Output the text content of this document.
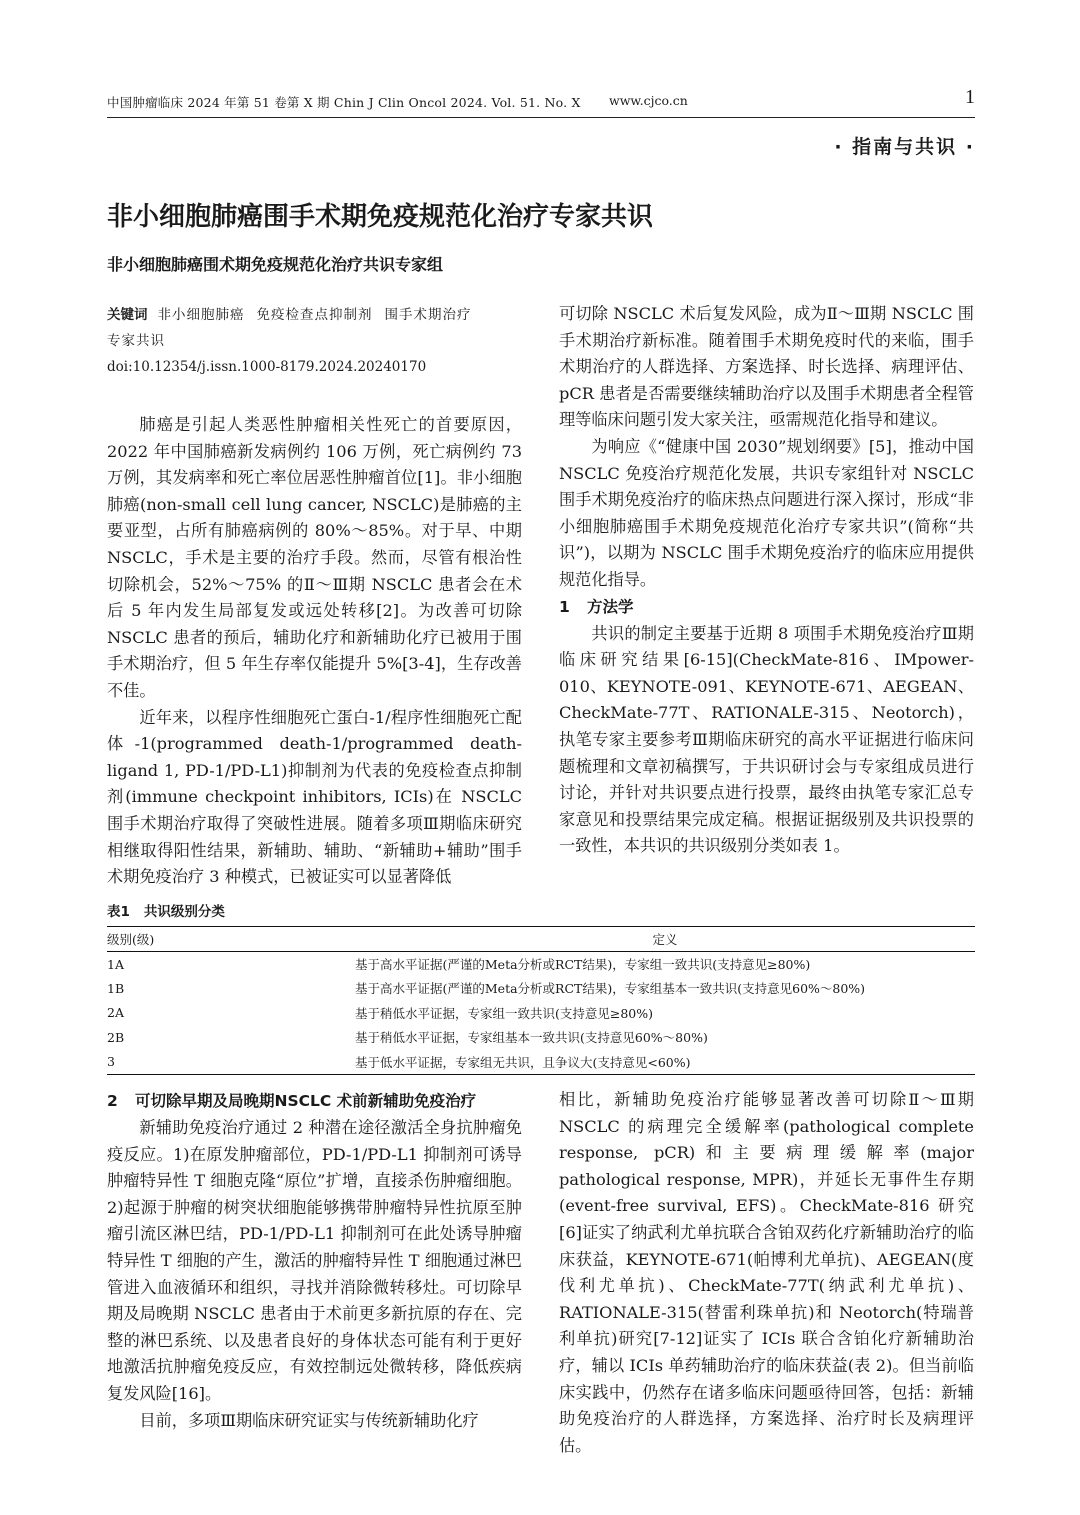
中国肿瘤临床 2024 年第 51 卷第 X 期 Chin J Clin Oncol 2024. Vol. 51. No. X www.cjco.cn	1
· 指南与共识 ·
非小细胞肺癌围手术期免疫规范化治疗专家共识
非小细胞肺癌围术期免疫规范化治疗共识专家组
关键词 非小细胞肺癌 免疫检查点抑制剂 围手术期治疗
专家共识
doi:10.12354/j.issn.1000-8179.2024.20240170

肺癌是引起人类恶性肿瘤相关性死亡的首要原因，2022 年中国肺癌新发病例约 106 万例，死亡病例约 73 万例，其发病率和死亡率位居恶性肿瘤首位[1]。非小细胞肺癌(non-small cell lung cancer, NSCLC)是肺癌的主要亚型，占所有肺癌病例的 80%～85%。对于早、中期 NSCLC，手术是主要的治疗手段。然而，尽管有根治性切除机会，52%～75% 的Ⅱ～Ⅲ期 NSCLC 患者会在术后 5 年内发生局部复发或远处转移[2]。为改善可切除 NSCLC 患者的预后，辅助化疗和新辅助化疗已被用于围手术期治疗，但 5 年生存率仅能提升 5%[3-4]，生存改善不佳。

近年来，以程序性细胞死亡蛋白-1/程序性细胞死亡配体-1(programmed death-1/programmed death-ligand 1, PD-1/PD-L1)抑制剂为代表的免疫检查点抑制剂(immune checkpoint inhibitors, ICIs)在 NSCLC 围手术期治疗取得了突破性进展。随着多项Ⅲ期临床研究相继取得阳性结果，新辅助、辅助、“新辅助+辅助”围手术期免疫治疗 3 种模式，已被证实可以显著降低

可切除 NSCLC 术后复发风险，成为Ⅱ～Ⅲ期 NSCLC 围手术期治疗新标准。随着围手术期免疫时代的来临，围手术期治疗的人群选择、方案选择、时长选择、病理评估、pCR 患者是否需要继续辅助治疗以及围手术期患者全程管理等临床问题引发大家关注，亟需规范化指导和建议。

为响应《“健康中国 2030”规划纲要》[5]，推动中国 NSCLC 免疫治疗规范化发展，共识专家组针对 NSCLC 围手术期免疫治疗的临床热点问题进行深入探讨，形成“非小细胞肺癌围手术期免疫规范化治疗专家共识”(简称“共识”)，以期为 NSCLC 围手术期免疫治疗的临床应用提供规范化指导。

1 方法学

共识的制定主要基于近期 8 项围手术期免疫治疗Ⅲ期临床研究结果[6-15](CheckMate-816、IMpower-010、KEYNOTE-091、KEYNOTE-671、AEGEAN、CheckMate-77T、RATIONALE-315、Neotorch)，执笔专家主要参考Ⅲ期临床研究的高水平证据进行临床问题梳理和文章初稿撰写，于共识研讨会与专家组成员进行讨论，并针对共识要点进行投票，最终由执笔专家汇总专家意见和投票结果完成定稿。根据证据级别及共识投票的一致性，本共识的共识级别分类如表 1。

表1 共识级别分类
级别(级)	定义
1A	基于高水平证据(严谨的Meta分析或RCT结果)，专家组一致共识(支持意见≥80%)
1B	基于高水平证据(严谨的Meta分析或RCT结果)，专家组基本一致共识(支持意见60%～80%)
2A	基于稍低水平证据，专家组一致共识(支持意见≥80%)
2B	基于稍低水平证据，专家组基本一致共识(支持意见60%～80%)
3	基于低水平证据，专家组无共识，且争议大(支持意见<60%)
2 可切除早期及局晚期NSCLC 术前新辅助免疫治疗

新辅助免疫治疗通过 2 种潜在途径激活全身抗肿瘤免疫反应。1)在原发肿瘤部位，PD-1/PD-L1 抑制剂可诱导肿瘤特异性 T 细胞克隆“原位”扩增，直接杀伤肿瘤细胞。2)起源于肿瘤的树突状细胞能够携带肿瘤特异性抗原至肿瘤引流区淋巴结，PD-1/PD-L1 抑制剂可在此处诱导肿瘤特异性 T 细胞的产生，激活的肿瘤特异性 T 细胞通过淋巴管进入血液循环和组织，寻找并消除微转移灶。可切除早期及局晚期 NSCLC 患者由于术前更多新抗原的存在、完整的淋巴系统、以及患者良好的身体状态可能有利于更好地激活抗肿瘤免疫反应，有效控制远处微转移，降低疾病复发风险[16]。

目前，多项Ⅲ期临床研究证实与传统新辅助化疗

相比，新辅助免疫治疗能够显著改善可切除Ⅱ～Ⅲ期 NSCLC 的病理完全缓解率(pathological complete response, pCR)和主要病理缓解率(major pathological response, MPR)，并延长无事件生存期(event-free survival, EFS)。CheckMate-816 研究[6]证实了纳武利尤单抗联合含铂双药化疗新辅助治疗的临床获益，KEYNOTE-671(帕博利尤单抗)、AEGEAN(度伐利尤单抗)、CheckMate-77T(纳武利尤单抗)、RATIONALE-315(替雷利珠单抗)和 Neotorch(特瑞普利单抗)研究[7-12]证实了 ICIs 联合含铂化疗新辅助治疗，辅以 ICIs 单药辅助治疗的临床获益(表 2)。但当前临床实践中，仍然存在诸多临床问题亟待回答，包括：新辅助免疫治疗的人群选择，方案选择、治疗时长及病理评估。
